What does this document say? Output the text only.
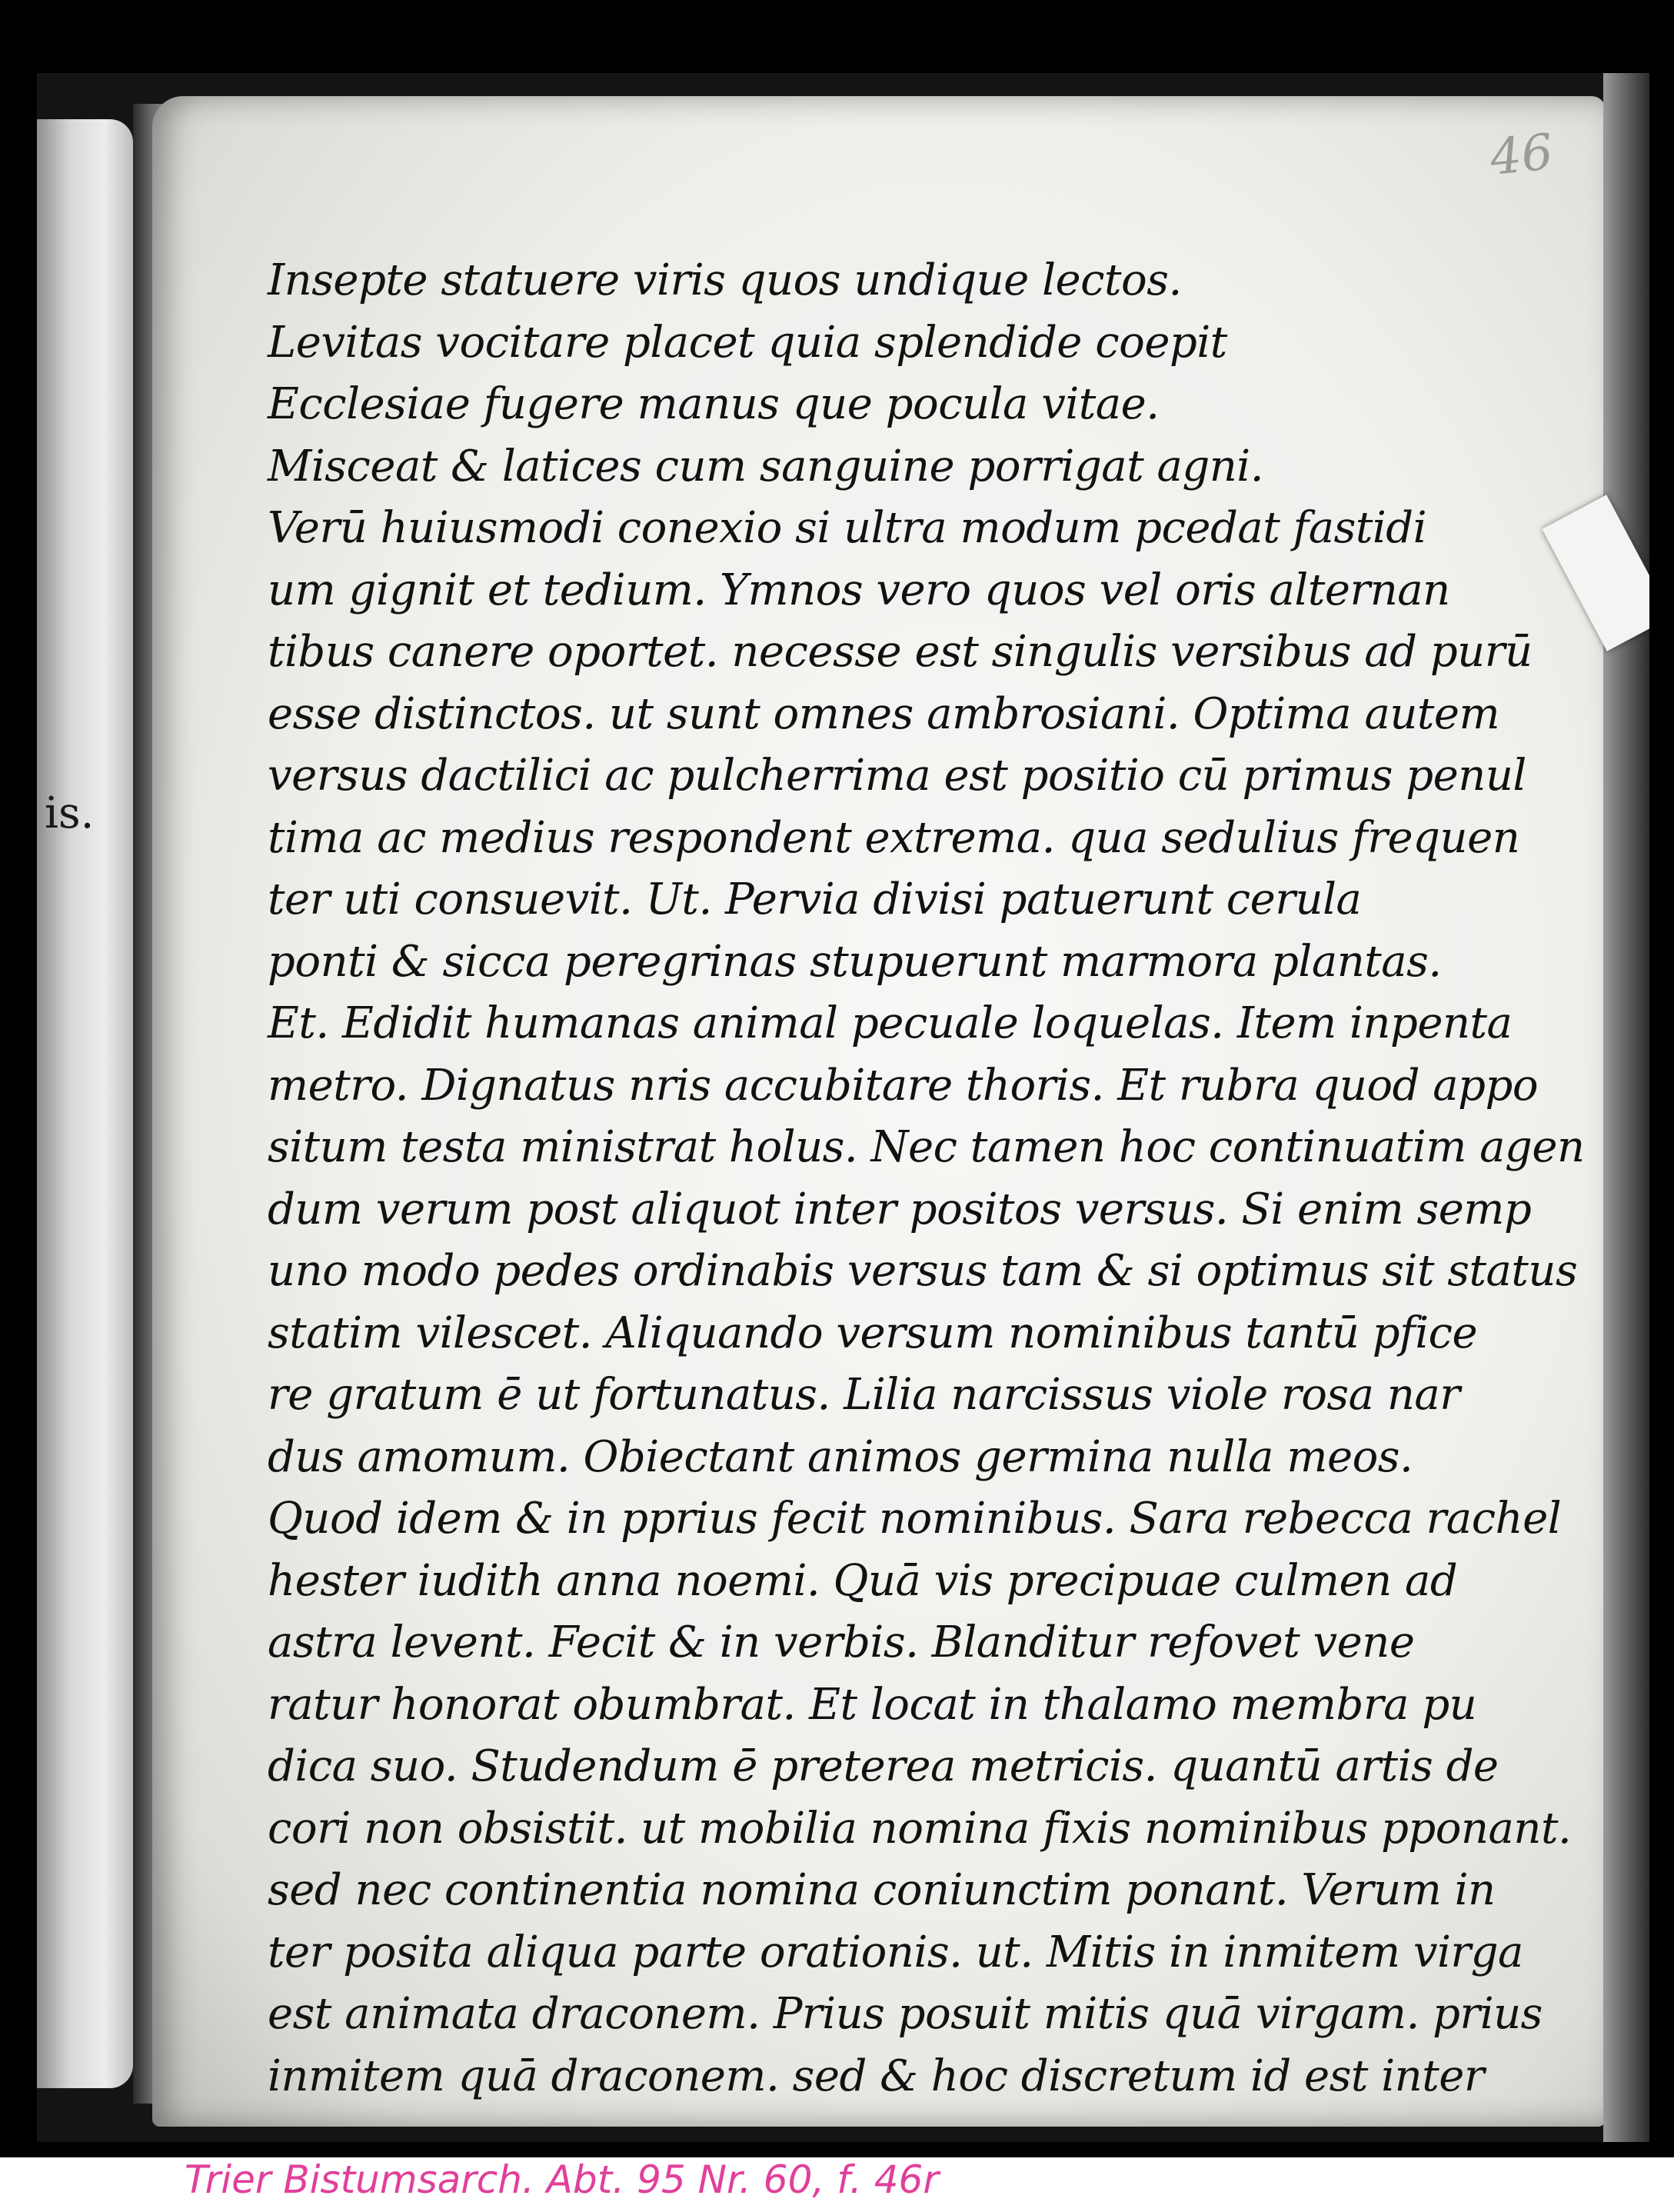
is.
46
Insepte statuere viris quos undique lectos.
Levitas vocitare placet quia splendide coepit
Ecclesiae fugere manus que pocula vitae.
Misceat & latices cum sanguine porrigat agni.
Verū huiusmodi conexio si ultra modum pcedat fastidi
um gignit et tedium. Ymnos vero quos vel oris alternan
tibus canere oportet. necesse est singulis versibus ad purū
esse distinctos. ut sunt omnes ambrosiani. Optima autem
versus dactilici ac pulcherrima est positio cū primus penul
tima ac medius respondent extrema. qua sedulius frequen
ter uti consuevit. Ut. Pervia divisi patuerunt cerula
ponti & sicca peregrinas stupuerunt marmora plantas.
Et. Edidit humanas animal pecuale loquelas. Item inpenta
metro. Dignatus nris accubitare thoris. Et rubra quod appo
situm testa ministrat holus. Nec tamen hoc continuatim agen
dum verum post aliquot inter positos versus. Si enim semp
uno modo pedes ordinabis versus tam & si optimus sit status
statim vilescet. Aliquando versum nominibus tantū pfice
re gratum ē ut fortunatus. Lilia narcissus viole rosa nar
dus amomum. Obiectant animos germina nulla meos.
Quod idem & in pprius fecit nominibus. Sara rebecca rachel
hester iudith anna noemi. Quā vis precipuae culmen ad
astra levent. Fecit & in verbis. Blanditur refovet vene
ratur honorat obumbrat. Et locat in thalamo membra pu
dica suo. Studendum ē preterea metricis. quantū artis de
cori non obsistit. ut mobilia nomina fixis nominibus pponant.
sed nec continentia nomina coniunctim ponant. Verum in
ter posita aliqua parte orationis. ut. Mitis in inmitem virga
est animata draconem. Prius posuit mitis quā virgam. prius
inmitem quā draconem. sed & hoc discretum id est inter
Trier Bistumsarch. Abt. 95 Nr. 60, f. 46r
